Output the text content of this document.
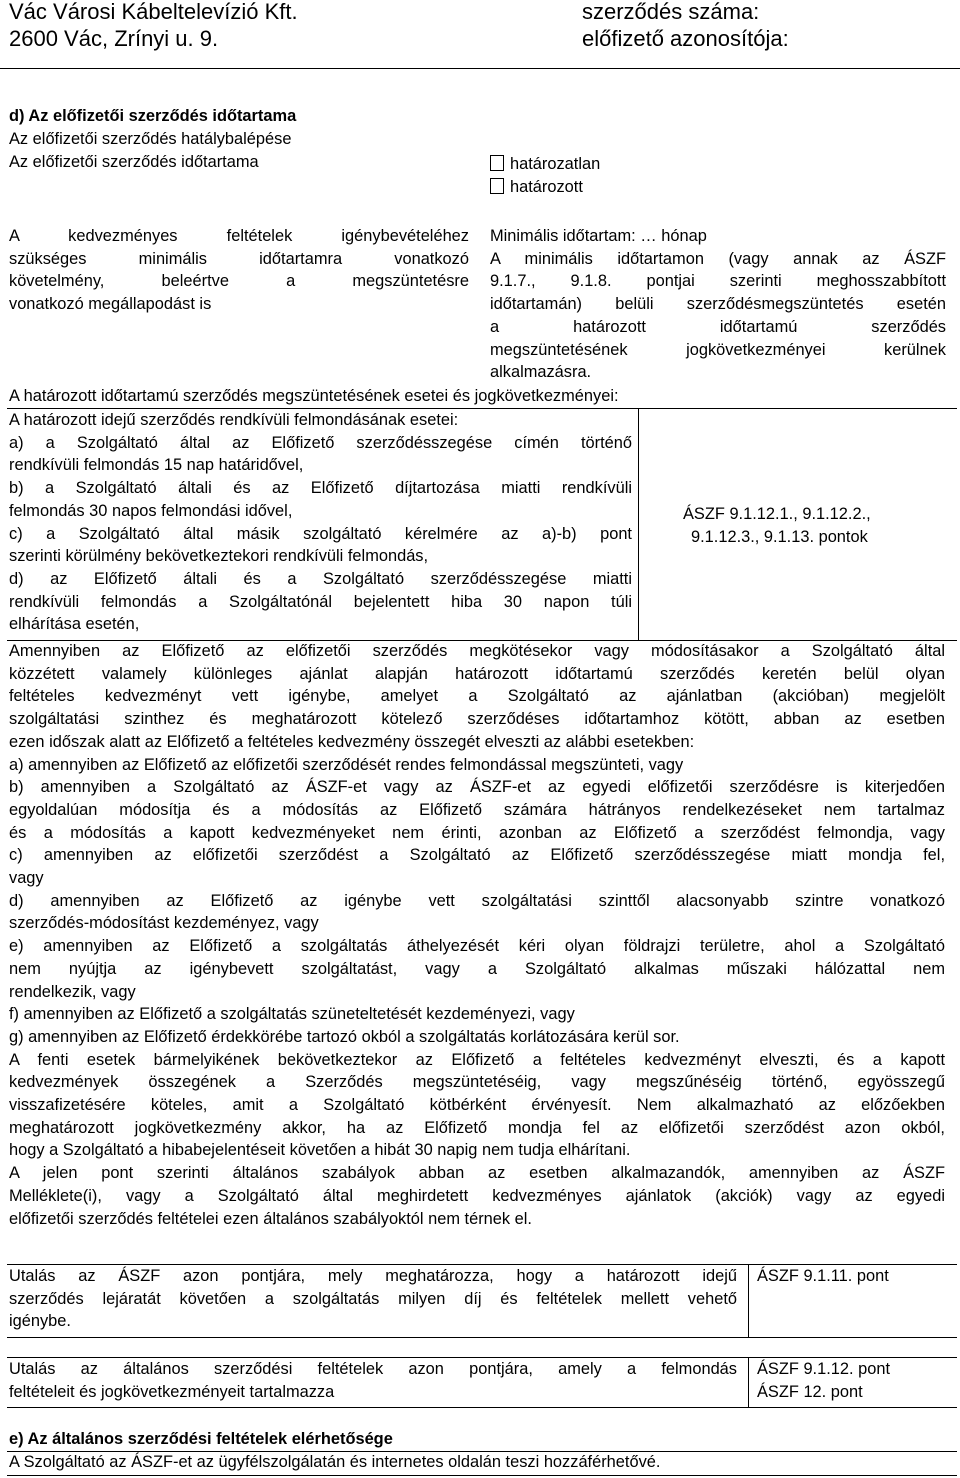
Vác Városi Kábeltelevízió Kft.
2600 Vác, Zrínyi u. 9.
szerződés száma:
előfizető azonosítója:
d) Az előfizetői szerződés időtartama
Az előfizetői szerződés hatálybalépése
Az előfizetői szerződés időtartama	határozatlan
határozott

A kedvezményes feltételek igénybevételéhez

szükséges minimális időtartamra vonatkozó

követelmény, beleértve a megszüntetésre

vonatkozó megállapodást is

Minimális időtartam: … hónap

A minimális időtartamon (vagy annak az ÁSZF

9.1.7., 9.1.8. pontjai szerinti meghosszabbított

időtartamán) belüli szerződésmegszüntetés esetén

a határozott időtartamú szerződés

megszüntetésének jogkövetkezményei kerülnek

alkalmazásra.

A határozott időtartamú szerződés megszüntetésének esetei és jogkövetkezményei:

A határozott idejű szerződés rendkívüli felmondásának esetei:

a) a Szolgáltató által az Előfizető szerződésszegése címén történő

rendkívüli felmondás 15 nap határidővel,

b) a Szolgáltató általi és az Előfizető díjtartozása miatti rendkívüli

felmondás 30 napos felmondási idővel,

c) a Szolgáltató által másik szolgáltató kérelmére az a)-b) pont

szerinti körülmény bekövetkeztekori rendkívüli felmondás,

d) az Előfizető általi és a Szolgáltató szerződésszegése miatti

rendkívüli felmondás a Szolgáltatónál bejelentett hiba 30 napon túli

elhárítása esetén,

ÁSZF 9.1.12.1., 9.1.12.2.,
9.1.12.3., 9.1.13. pontok

Amennyiben az Előfizető az előfizetői szerződés megkötésekor vagy módosításakor a Szolgáltató által

közzétett valamely különleges ajánlat alapján határozott időtartamú szerződés keretén belül olyan

feltételes kedvezményt vett igénybe, amelyet a Szolgáltató az ajánlatban (akcióban) megjelölt

szolgáltatási szinthez és meghatározott kötelező szerződéses időtartamhoz kötött, abban az esetben

ezen időszak alatt az Előfizető a feltételes kedvezmény összegét elveszti az alábbi esetekben:

a) amennyiben az Előfizető az előfizetői szerződését rendes felmondással megszünteti, vagy

b) amennyiben a Szolgáltató az ÁSZF-et vagy az ÁSZF-et az egyedi előfizetői szerződésre is kiterjedően

egyoldalúan módosítja és a módosítás az Előfizető számára hátrányos rendelkezéseket nem tartalmaz

és a módosítás a kapott kedvezményeket nem érinti, azonban az Előfizető a szerződést felmondja, vagy

c) amennyiben az előfizetői szerződést a Szolgáltató az Előfizető szerződésszegése miatt mondja fel,

vagy

d) amennyiben az Előfizető az igénybe vett szolgáltatási szinttől alacsonyabb szintre vonatkozó

szerződés-módosítást kezdeményez, vagy

e) amennyiben az Előfizető a szolgáltatás áthelyezését kéri olyan földrajzi területre, ahol a Szolgáltató

nem nyújtja az igénybevett szolgáltatást, vagy a Szolgáltató alkalmas műszaki hálózattal nem

rendelkezik, vagy

f) amennyiben az Előfizető a szolgáltatás szüneteltetését kezdeményezi, vagy

g) amennyiben az Előfizető érdekkörébe tartozó okból a szolgáltatás korlátozására kerül sor.

A fenti esetek bármelyikének bekövetkeztekor az Előfizető a feltételes kedvezményt elveszti, és a kapott

kedvezmények összegének a Szerződés megszüntetéséig, vagy megszűnéséig történő, egyösszegű

visszafizetésére köteles, amit a Szolgáltató kötbérként érvényesít. Nem alkalmazható az előzőekben

meghatározott jogkövetkezmény akkor, ha az Előfizető mondja fel az előfizetői szerződést azon okból,

hogy a Szolgáltató a hibabejelentéseit követően a hibát 30 napig nem tudja elhárítani.

A jelen pont szerinti általános szabályok abban az esetben alkalmazandók, amennyiben az ÁSZF

Melléklete(i), vagy a Szolgáltató által meghirdetett kedvezményes ajánlatok (akciók) vagy az egyedi

előfizetői szerződés feltételei ezen általános szabályoktól nem térnek el.

Utalás az ÁSZF azon pontjára, mely meghatározza, hogy a határozott idejű

szerződés lejáratát követően a szolgáltatás milyen díj és feltételek mellett vehető

igénybe.

ÁSZF 9.1.11. pont

Utalás az általános szerződési feltételek azon pontjára, amely a felmondás

feltételeit és jogkövetkezményeit tartalmazza

ÁSZF 9.1.12. pont
ÁSZF 12. pont
e) Az általános szerződési feltételek elérhetősége
A Szolgáltató az ÁSZF-et az ügyfélszolgálatán és internetes oldalán teszi hozzáférhetővé.
